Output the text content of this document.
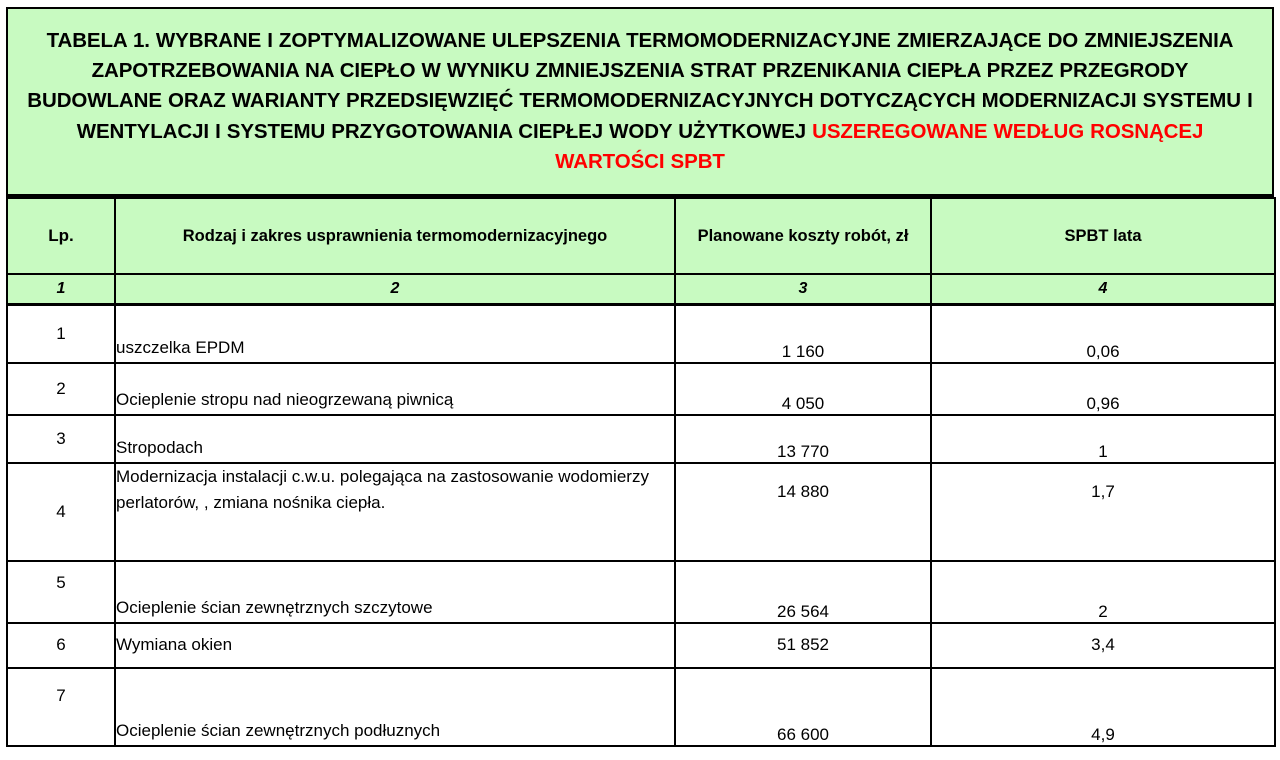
TABELA 1. WYBRANE I ZOPTYMALIZOWANE ULEPSZENIA TERMOMODERNIZACYJNE ZMIERZAJĄCE DO ZMNIEJSZENIA ZAPOTRZEBOWANIA NA CIEPŁO W WYNIKU ZMNIEJSZENIA STRAT PRZENIKANIA CIEPŁA PRZEZ PRZEGRODY BUDOWLANE ORAZ WARIANTY PRZEDSIĘWZIĘĆ TERMOMODERNIZACYJNYCH DOTYCZĄCYCH MODERNIZACJI SYSTEMU I WENTYLACJI I SYSTEMU PRZYGOTOWANIA CIEPŁEJ WODY UŻYTKOWEJ USZEREGOWANE WEDŁUG ROSNĄCEJ WARTOŚCI SPBT
Lp.	Rodzaj i zakres usprawnienia termomodernizacyjnego	Planowane koszty robót, zł	SPBT lata
1	2	3	4
1	uszczelka EPDM	1 160	0,06
2	Ocieplenie stropu nad nieogrzewaną piwnicą	4 050	0,96
3	Stropodach	13 770	1
4	Modernizacja instalacji c.w.u. polegająca na zastosowanie wodomierzy perlatorów, , zmiana nośnika ciepła.	14 880	1,7
5	Ocieplenie ścian zewnętrznych szczytowe	26 564	2
6	Wymiana okien	51 852	3,4
7	Ocieplenie ścian zewnętrznych podłuznych	66 600	4,9
